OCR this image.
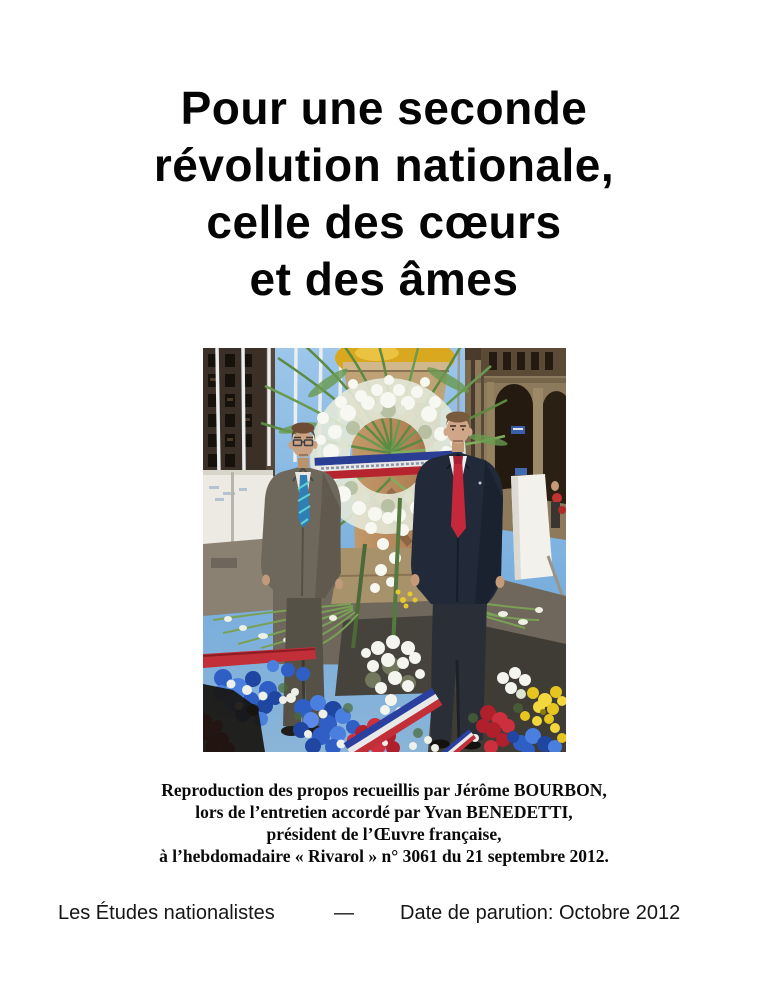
Pour une seconde
révolution nationale,
celle des cœurs
et des âmes
Reproduction des propos recueillis par Jérôme BOURBON,
lors de l’entretien accordé par Yvan BENEDETTI,
président de l’Œuvre française,
à l’hebdomadaire « Rivarol » n° 3061 du 21 septembre 2012.
Les Études nationalistes	— Date de parution: Octobre 2012
